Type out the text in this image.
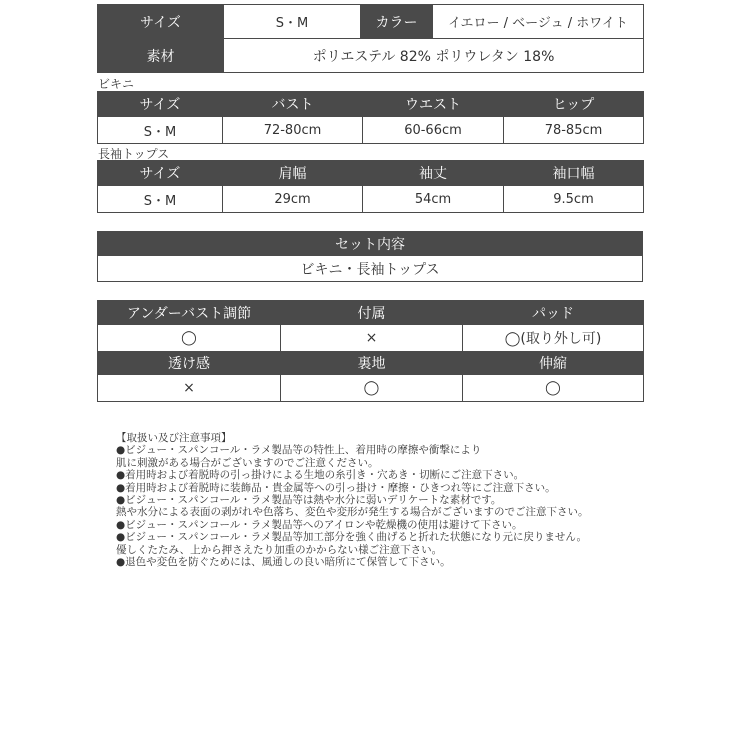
サイズ	S・M	カラー	イエロー / ベージュ / ホワイト
素材	ポリエステル 82% ポリウレタン 18%		
ビキニ
サイズ	バスト	ウエスト	ヒップ
S・M	72-80cm	60-66cm	78-85cm
長袖トップス
サイズ	肩幅	袖丈	袖口幅
S・M	29cm	54cm	9.5cm
セット内容
ビキニ・長袖トップス
アンダーバスト調節	付属	パッド
◯	×	◯(取り外し可)
透け感	裏地	伸縮
×	◯	◯
【取扱い及び注意事項】
●ビジュー・スパンコール・ラメ製品等の特性上、着用時の摩擦や衝撃により
肌に刺激がある場合がございますのでご注意ください。
●着用時および着脱時の引っ掛けによる生地の糸引き・穴あき・切断にご注意下さい。
●着用時および着脱時に装飾品・貴金属等への引っ掛け・摩擦・ひきつれ等にご注意下さい。
●ビジュー・スパンコール・ラメ製品等は熱や水分に弱いデリケートな素材です。
熱や水分による表面の剥がれや色落ち、変色や変形が発生する場合がございますのでご注意下さい。
●ビジュー・スパンコール・ラメ製品等へのアイロンや乾燥機の使用は避けて下さい。
●ビジュー・スパンコール・ラメ製品等加工部分を強く曲げると折れた状態になり元に戻りません。
優しくたたみ、上から押さえたり加重のかからない様ご注意下さい。
●退色や変色を防ぐためには、風通しの良い暗所にて保管して下さい。
